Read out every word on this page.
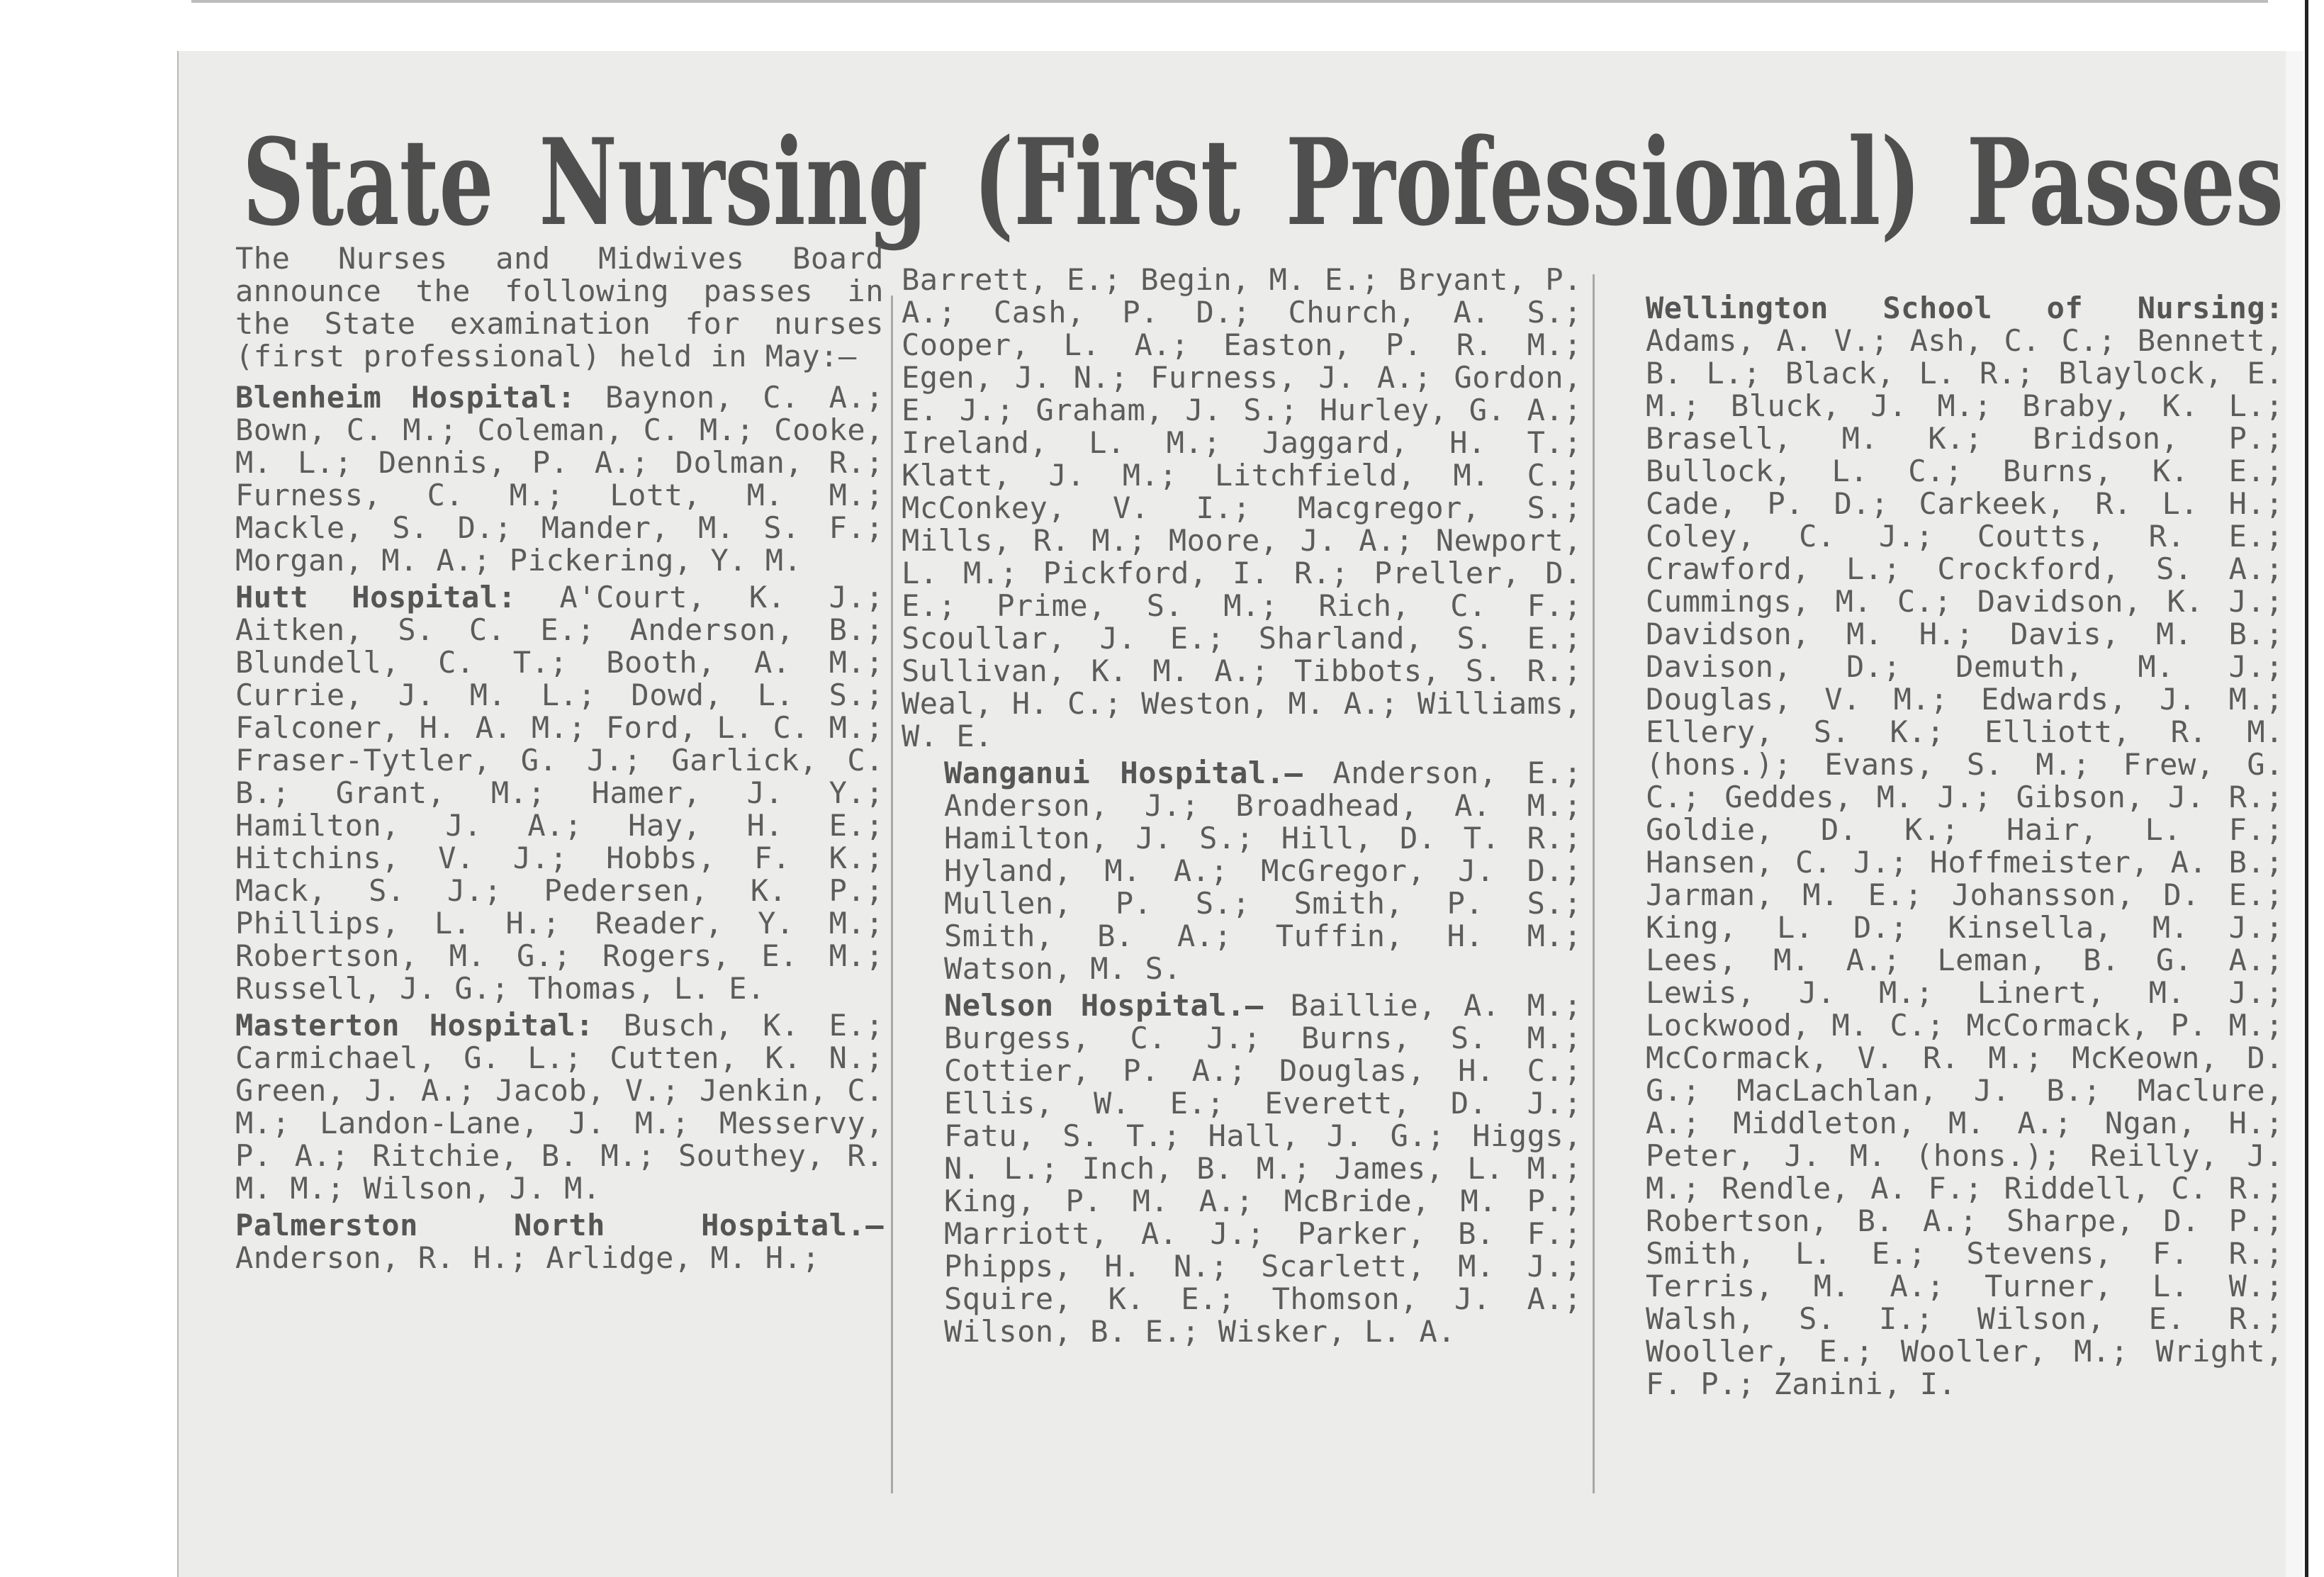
State Nursing (First Professional) Passes

The Nurses and Midwives Board announce the following passes in the State examination for nurses (first professional) held in May:—

Blenheim Hospital: Baynon, C. A.; Bown, C. M.; Coleman, C. M.; Cooke, M. L.; Dennis, P. A.; Dolman, R.; Furness, C. M.; Lott, M. M.; Mackle, S. D.; Mander, M. S. F.; Morgan, M. A.; Pickering, Y. M.

Hutt Hospital: A'Court, K. J.; Aitken, S. C. E.; Anderson, B.; Blundell, C. T.; Booth, A. M.; Currie, J. M. L.; Dowd, L. S.; Falconer, H. A. M.; Ford, L. C. M.; Fraser-Tytler, G. J.; Garlick, C. B.; Grant, M.; Hamer, J. Y.; Hamilton, J. A.; Hay, H. E.; Hitchins, V. J.; Hobbs, F. K.; Mack, S. J.; Pedersen, K. P.; Phillips, L. H.; Reader, Y. M.; Robertson, M. G.; Rogers, E. M.; Russell, J. G.; Thomas, L. E.

Masterton Hospital: Busch, K. E.; Carmichael, G. L.; Cutten, K. N.; Green, J. A.; Jacob, V.; Jenkin, C. M.; Landon-Lane, J. M.; Messervy, P. A.; Ritchie, B. M.; Southey, R. M. M.; Wilson, J. M.

Palmerston North Hospital.— Anderson, R. H.; Arlidge, M. H.;

Barrett, E.; Begin, M. E.; Bryant, P. A.; Cash, P. D.; Church, A. S.; Cooper, L. A.; Easton, P. R. M.; Egen, J. N.; Furness, J. A.; Gordon, E. J.; Graham, J. S.; Hurley, G. A.; Ireland, L. M.; Jaggard, H. T.; Klatt, J. M.; Litchfield, M. C.; McConkey, V. I.; Macgregor, S.; Mills, R. M.; Moore, J. A.; Newport, L. M.; Pickford, I. R.; Preller, D. E.; Prime, S. M.; Rich, C. F.; Scoullar, J. E.; Sharland, S. E.; Sullivan, K. M. A.; Tibbots, S. R.; Weal, H. C.; Weston, M. A.; Williams, W. E.

Wanganui Hospital.— Anderson, E.; Anderson, J.; Broadhead, A. M.; Hamilton, J. S.; Hill, D. T. R.; Hyland, M. A.; McGregor, J. D.; Mullen, P. S.; Smith, P. S.; Smith, B. A.; Tuffin, H. M.; Watson, M. S.

Nelson Hospital.— Baillie, A. M.; Burgess, C. J.; Burns, S. M.; Cottier, P. A.; Douglas, H. C.; Ellis, W. E.; Everett, D. J.; Fatu, S. T.; Hall, J. G.; Higgs, N. L.; Inch, B. M.; James, L. M.; King, P. M. A.; McBride, M. P.; Marriott, A. J.; Parker, B. F.; Phipps, H. N.; Scarlett, M. J.; Squire, K. E.; Thomson, J. A.; Wilson, B. E.; Wisker, L. A.

Wellington School of Nursing: Adams, A. V.; Ash, C. C.; Bennett, B. L.; Black, L. R.; Blaylock, E. M.; Bluck, J. M.; Braby, K. L.; Brasell, M. K.; Bridson, P.; Bullock, L. C.; Burns, K. E.; Cade, P. D.; Carkeek, R. L. H.; Coley, C. J.; Coutts, R. E.; Crawford, L.; Crockford, S. A.; Cummings, M. C.; Davidson, K. J.; Davidson, M. H.; Davis, M. B.; Davison, D.; Demuth, M. J.; Douglas, V. M.; Edwards, J. M.; Ellery, S. K.; Elliott, R. M. (hons.); Evans, S. M.; Frew, G. C.; Geddes, M. J.; Gibson, J. R.; Goldie, D. K.; Hair, L. F.; Hansen, C. J.; Hoffmeister, A. B.; Jarman, M. E.; Johansson, D. E.; King, L. D.; Kinsella, M. J.; Lees, M. A.; Leman, B. G. A.; Lewis, J. M.; Linert, M. J.; Lockwood, M. C.; McCormack, P. M.; McCormack, V. R. M.; McKeown, D. G.; MacLachlan, J. B.; Maclure, A.; Middleton, M. A.; Ngan, H.; Peter, J. M. (hons.); Reilly, J. M.; Rendle, A. F.; Riddell, C. R.; Robertson, B. A.; Sharpe, D. P.; Smith, L. E.; Stevens, F. R.; Terris, M. A.; Turner, L. W.; Walsh, S. I.; Wilson, E. R.; Wooller, E.; Wooller, M.; Wright, F. P.; Zanini, I.
